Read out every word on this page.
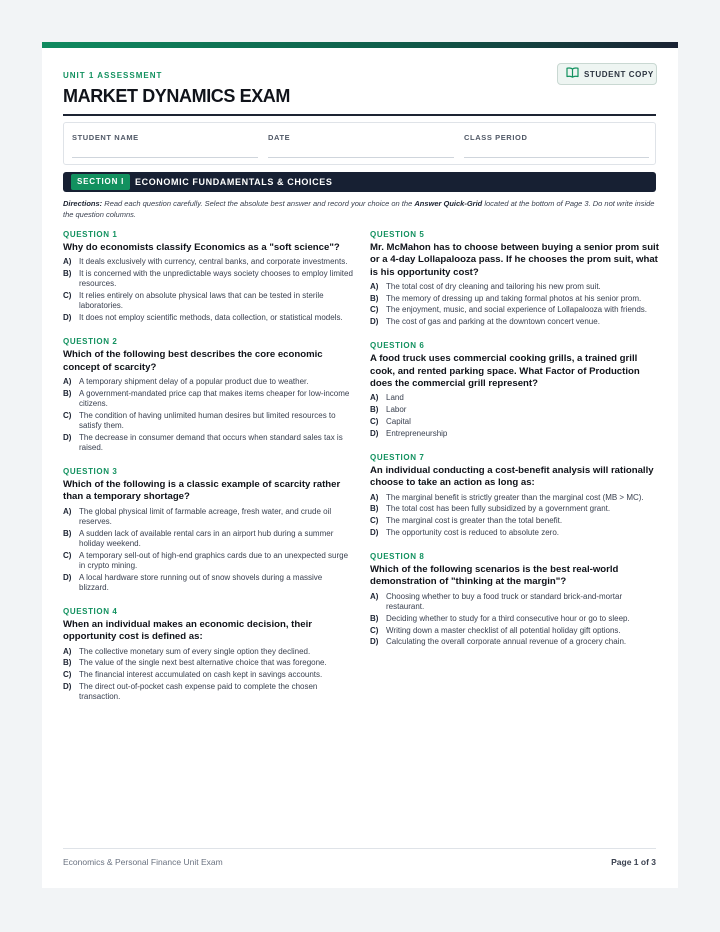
UNIT 1 ASSESSMENT
MARKET DYNAMICS EXAM
STUDENT COPY
STUDENT NAME	DATE	CLASS PERIOD
SECTION I	ECONOMIC FUNDAMENTALS & CHOICES
Directions: Read each question carefully. Select the absolute best answer and record your choice on the Answer Quick-Grid located at the bottom of Page 3. Do not write inside the question columns.
QUESTION 1
Why do economists classify Economics as a "soft science"?
A) It deals exclusively with currency, central banks, and corporate investments.
B) It is concerned with the unpredictable ways society chooses to employ limited resources.
C) It relies entirely on absolute physical laws that can be tested in sterile laboratories.
D) It does not employ scientific methods, data collection, or statistical models.
QUESTION 2
Which of the following best describes the core economic concept of scarcity?
A) A temporary shipment delay of a popular product due to weather.
B) A government-mandated price cap that makes items cheaper for low-income citizens.
C) The condition of having unlimited human desires but limited resources to satisfy them.
D) The decrease in consumer demand that occurs when standard sales tax is raised.
QUESTION 3
Which of the following is a classic example of scarcity rather than a temporary shortage?
A) The global physical limit of farmable acreage, fresh water, and crude oil reserves.
B) A sudden lack of available rental cars in an airport hub during a summer holiday weekend.
C) A temporary sell-out of high-end graphics cards due to an unexpected surge in crypto mining.
D) A local hardware store running out of snow shovels during a massive blizzard.
QUESTION 4
When an individual makes an economic decision, their opportunity cost is defined as:
A) The collective monetary sum of every single option they declined.
B) The value of the single next best alternative choice that was foregone.
C) The financial interest accumulated on cash kept in savings accounts.
D) The direct out-of-pocket cash expense paid to complete the chosen transaction.
QUESTION 5
Mr. McMahon has to choose between buying a senior prom suit or a 4-day Lollapalooza pass. If he chooses the prom suit, what is his opportunity cost?
A) The total cost of dry cleaning and tailoring his new prom suit.
B) The memory of dressing up and taking formal photos at his senior prom.
C) The enjoyment, music, and social experience of Lollapalooza with friends.
D) The cost of gas and parking at the downtown concert venue.
QUESTION 6
A food truck uses commercial cooking grills, a trained grill cook, and rented parking space. What Factor of Production does the commercial grill represent?
A) Land
B) Labor
C) Capital
D) Entrepreneurship
QUESTION 7
An individual conducting a cost-benefit analysis will rationally choose to take an action as long as:
A) The marginal benefit is strictly greater than the marginal cost (MB > MC).
B) The total cost has been fully subsidized by a government grant.
C) The marginal cost is greater than the total benefit.
D) The opportunity cost is reduced to absolute zero.
QUESTION 8
Which of the following scenarios is the best real-world demonstration of "thinking at the margin"?
A) Choosing whether to buy a food truck or standard brick-and-mortar restaurant.
B) Deciding whether to study for a third consecutive hour or go to sleep.
C) Writing down a master checklist of all potential holiday gift options.
D) Calculating the overall corporate annual revenue of a grocery chain.
Economics & Personal Finance Unit Exam	Page 1 of 3
